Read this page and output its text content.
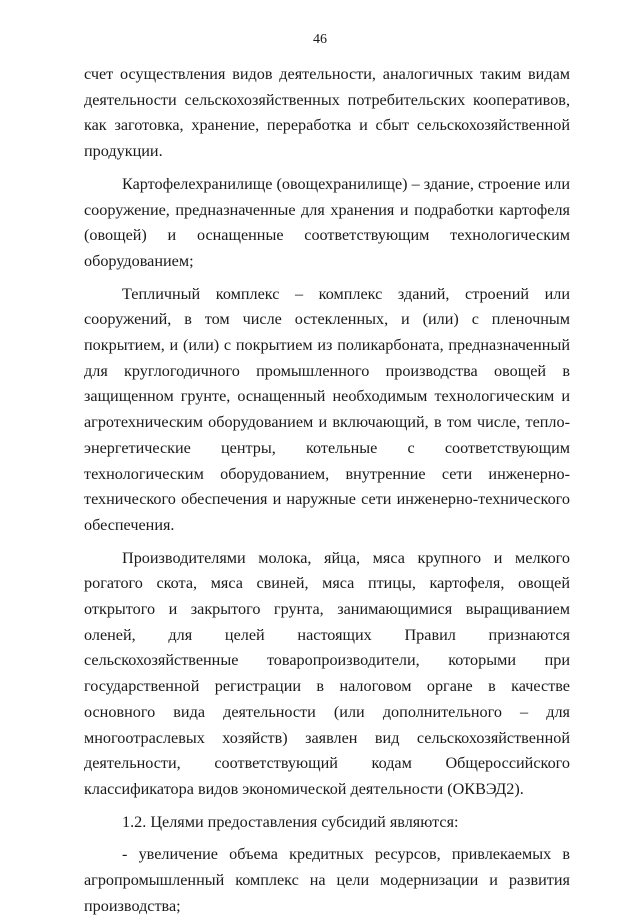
46

счет осуществления видов деятельности, аналогичных таким видам деятельности сельскохозяйственных потребительских кооперативов, как заготовка, хранение, переработка и сбыт сельскохозяйственной продукции.

Картофелехранилище (овощехранилище) – здание, строение или сооружение, предназначенные для хранения и подработки картофеля (овощей) и оснащенные соответствующим технологическим оборудованием;

Тепличный комплекс – комплекс зданий, строений или сооружений, в том числе остекленных, и (или) с пленочным покрытием, и (или) с покрытием из поликарбоната, предназначенный для круглогодичного промышленного производства овощей в защищенном грунте, оснащенный необходимым технологическим и агротехническим оборудованием и включающий, в том числе, тепло-энергетические центры, котельные с соответствующим технологическим оборудованием, внутренние сети инженерно-технического обеспечения и наружные сети инженерно-технического обеспечения.

Производителями молока, яйца, мяса крупного и мелкого рогатого скота, мяса свиней, мяса птицы, картофеля, овощей открытого и закрытого грунта, занимающимися выращиванием оленей, для целей настоящих Правил признаются сельскохозяйственные товаропроизводители, которыми при государственной регистрации в налоговом органе в качестве основного вида деятельности (или дополнительного – для многоотраслевых хозяйств) заявлен вид сельскохозяйственной деятельности, соответствующий кодам Общероссийского классификатора видов экономической деятельности (ОКВЭД2).

1.2. Целями предоставления субсидий являются:

- увеличение объема кредитных ресурсов, привлекаемых в агропромышленный комплекс на цели модернизации и развития производства;
